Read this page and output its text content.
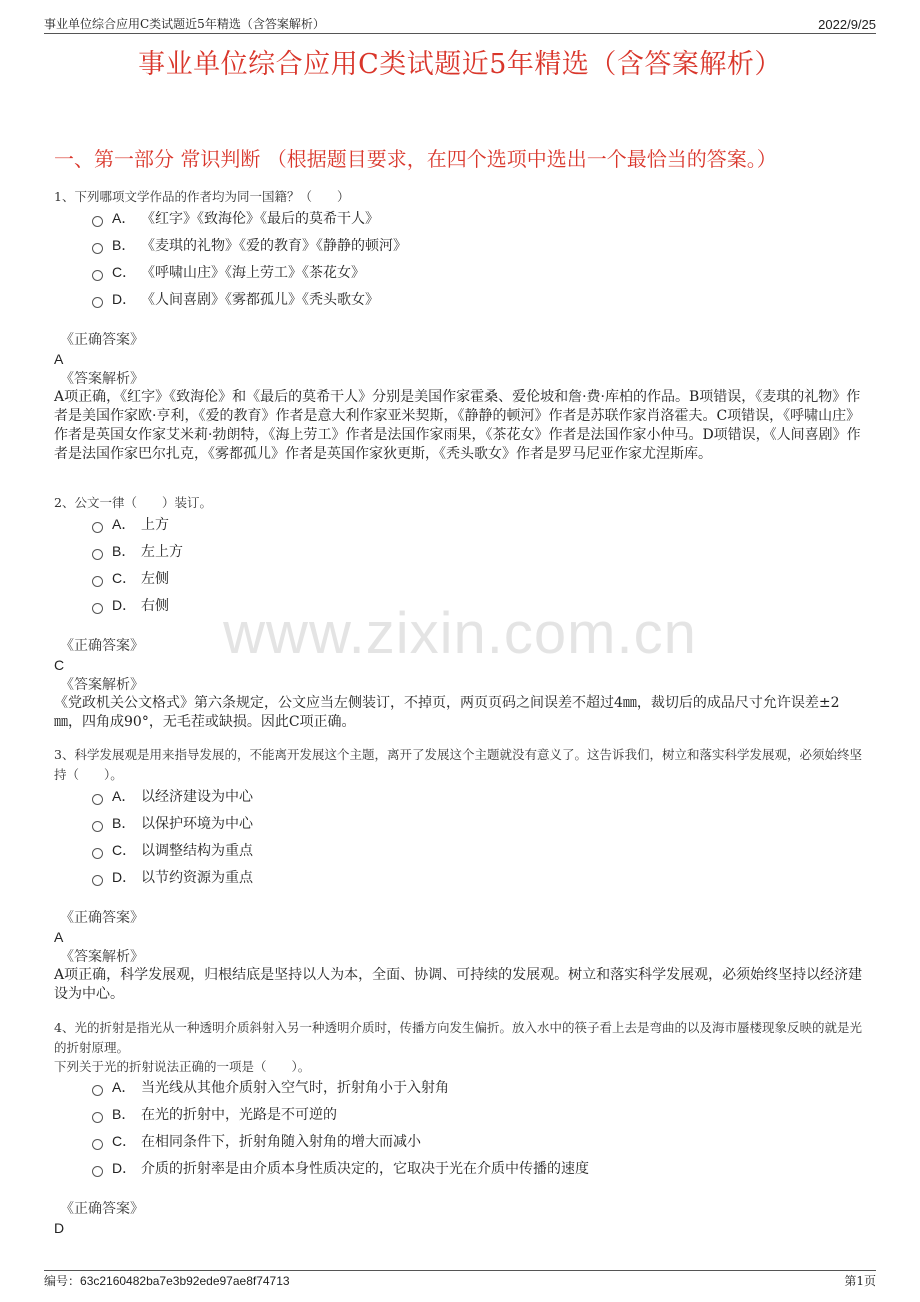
事业单位综合应用C类试题近5年精选（含答案解析）	2022/9/25
事业单位综合应用C类试题近5年精选（含答案解析）
一、第一部分 常识判断 （根据题目要求，在四个选项中选出一个最恰当的答案。）
www.zixin.com.cn
1、下列哪项文学作品的作者均为同一国籍？（　　）
A． 《红字》《致海伦》《最后的莫希干人》
B． 《麦琪的礼物》《爱的教育》《静静的顿河》
C． 《呼啸山庄》《海上劳工》《茶花女》
D． 《人间喜剧》《雾都孤儿》《秃头歌女》
《正确答案》
A
《答案解析》
A项正确，《红字》《致海伦》和《最后的莫希干人》分别是美国作家霍桑、爱伦坡和詹·费·库柏的作品。B项错误，《麦琪的礼物》作者是美国作家欧·亨利，《爱的教育》作者是意大利作家亚米契斯，《静静的顿河》作者是苏联作家肖洛霍夫。C项错误，《呼啸山庄》作者是英国女作家艾米莉·勃朗特，《海上劳工》作者是法国作家雨果，《茶花女》作者是法国作家小仲马。D项错误，《人间喜剧》作者是法国作家巴尔扎克，《雾都孤儿》作者是英国作家狄更斯，《秃头歌女》作者是罗马尼亚作家尤涅斯库。
2、公文一律（　　）装订。
A． 上方
B． 左上方
C． 左侧
D． 右侧
《正确答案》
C
《答案解析》
《党政机关公文格式》第六条规定，公文应当左侧装订，不掉页，两页页码之间误差不超过4㎜，裁切后的成品尺寸允许误差±2㎜，四角成90°，无毛茬或缺损。因此C项正确。
3、科学发展观是用来指导发展的，不能离开发展这个主题，离开了发展这个主题就没有意义了。这告诉我们，树立和落实科学发展观，必须始终坚持（　　）。
A． 以经济建设为中心
B． 以保护环境为中心
C． 以调整结构为重点
D． 以节约资源为重点
《正确答案》
A
《答案解析》
A项正确，科学发展观，归根结底是坚持以人为本，全面、协调、可持续的发展观。树立和落实科学发展观，必须始终坚持以经济建设为中心。
4、光的折射是指光从一种透明介质斜射入另一种透明介质时，传播方向发生偏折。放入水中的筷子看上去是弯曲的以及海市蜃楼现象反映的就是光的折射原理。
下列关于光的折射说法正确的一项是（　　）。
A． 当光线从其他介质射入空气时，折射角小于入射角
B． 在光的折射中，光路是不可逆的
C． 在相同条件下，折射角随入射角的增大而减小
D． 介质的折射率是由介质本身性质决定的，它取决于光在介质中传播的速度
《正确答案》
D
编号：63c2160482ba7e3b92ede97ae8f74713	第1页
